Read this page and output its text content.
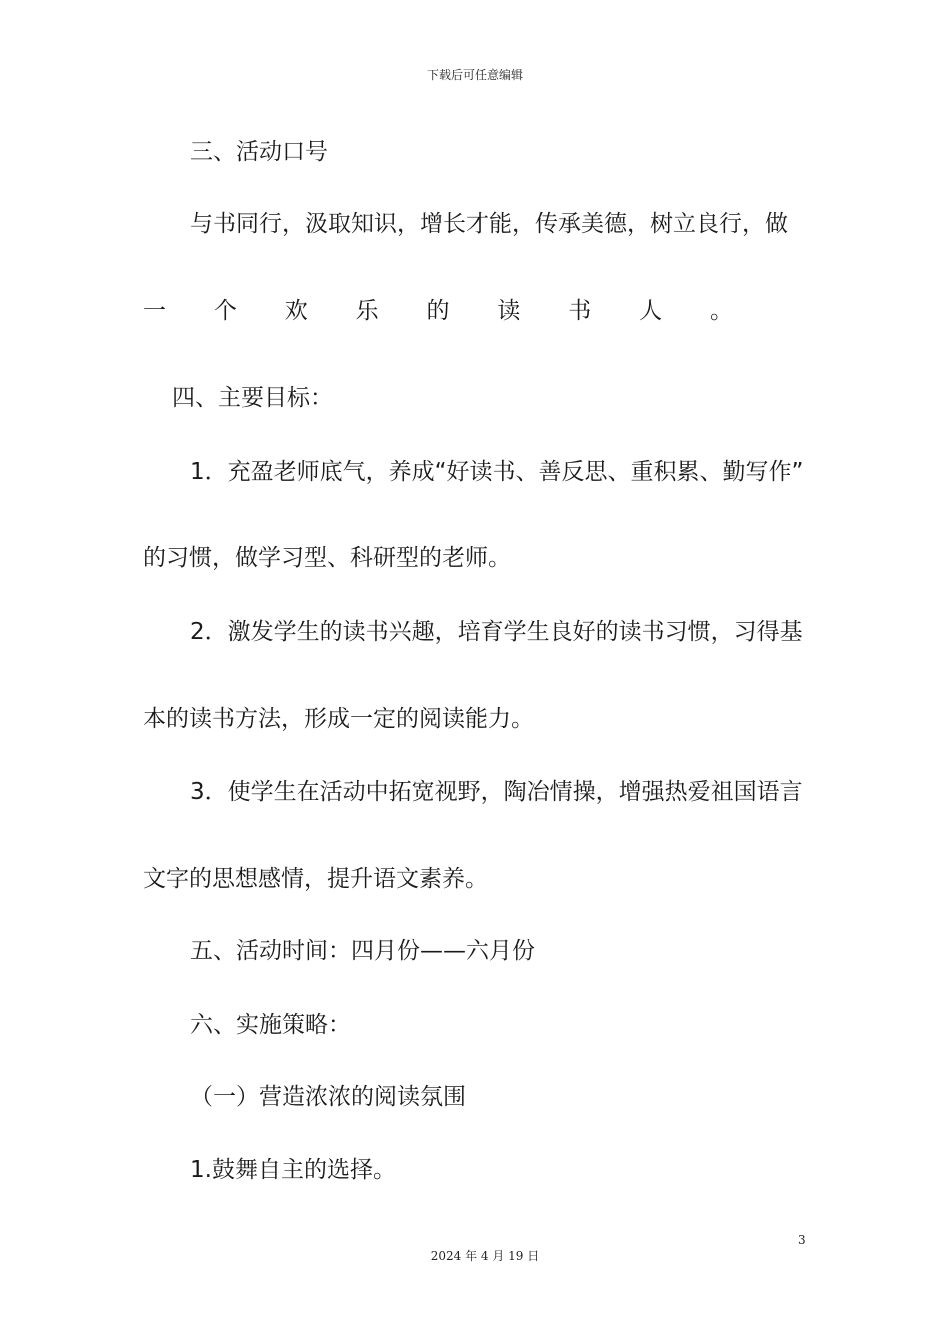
下载后可任意编辑
三、活动口号
与书同行，汲取知识，增长才能，传承美德，树立良行，做
一 个 欢 乐 的 读 书 人 。
四、主要目标：
1．充盈老师底气，养成“好读书、善反思、重积累、勤写作”
的习惯，做学习型、科研型的老师。
2．激发学生的读书兴趣，培育学生良好的读书习惯，习得基
本的读书方法，形成一定的阅读能力。
3．使学生在活动中拓宽视野，陶冶情操，增强热爱祖国语言
文字的思想感情，提升语文素养。
五、活动时间：四月份——六月份
六、实施策略：
（一）营造浓浓的阅读氛围
1.鼓舞自主的选择。
3
2024 年 4 月 19 日
